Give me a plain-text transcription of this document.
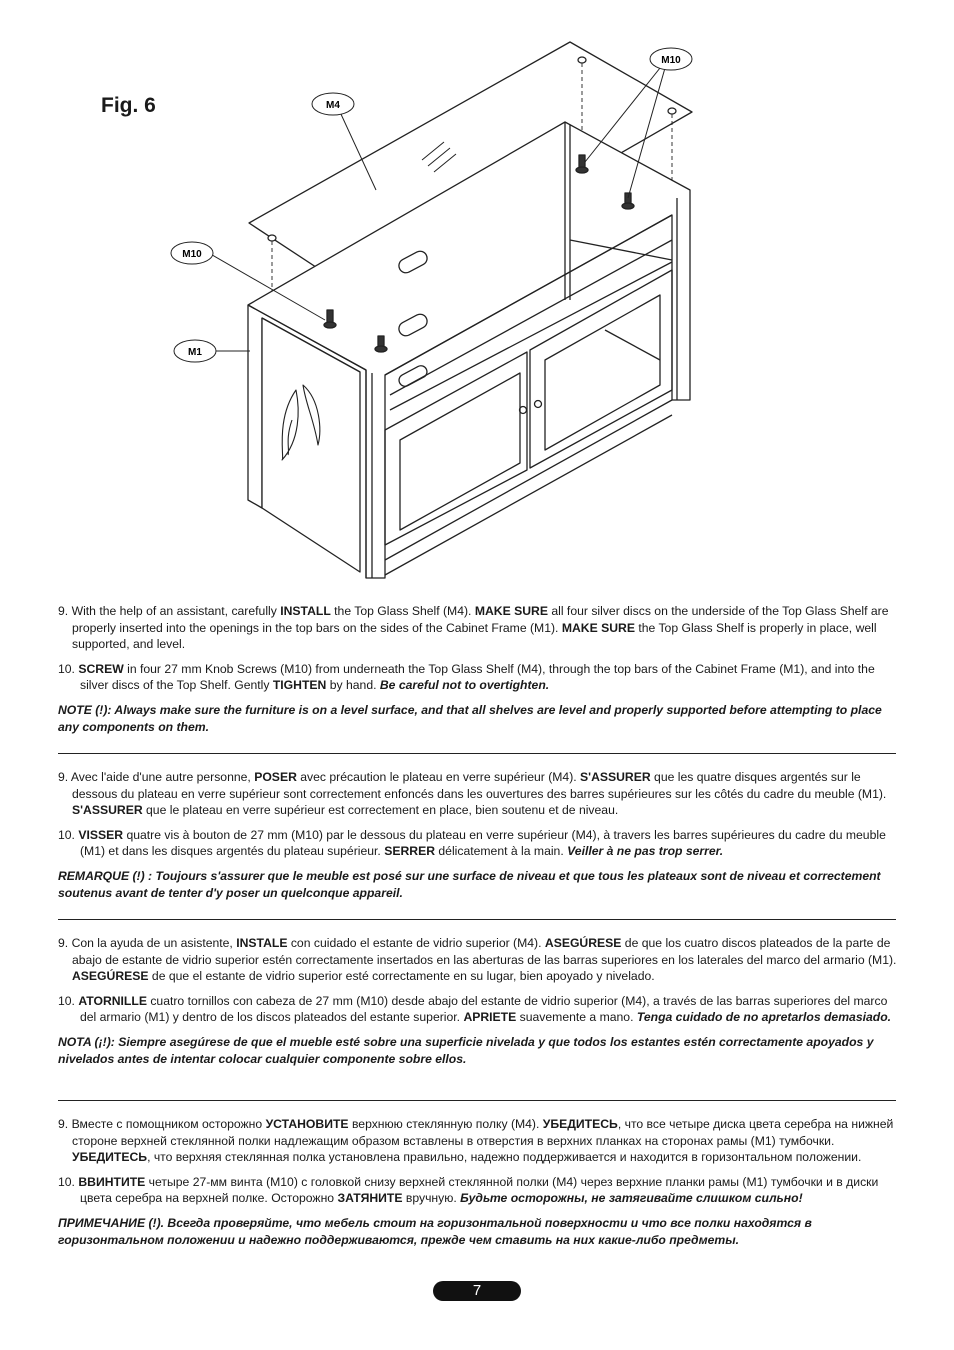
Fig. 6	M4
M10
M10
M1

9. With the help of an assistant, carefully INSTALL the Top Glass Shelf (M4). MAKE SURE all four silver discs on the underside of the Top Glass Shelf are properly inserted into the openings in the top bars on the sides of the Cabinet Frame (M1). MAKE SURE the Top Glass Shelf is properly in place, well supported, and level.

10. SCREW in four 27 mm Knob Screws (M10) from underneath the Top Glass Shelf (M4), through the top bars of the Cabinet Frame (M1), and into the silver discs of the Top Shelf. Gently TIGHTEN by hand. Be careful not to overtighten.

NOTE (!): Always make sure the furniture is on a level surface, and that all shelves are level and properly supported before attempting to place any components on them.

9. Avec l'aide d'une autre personne, POSER avec précaution le plateau en verre supérieur (M4). S'ASSURER que les quatre disques argentés sur le dessous du plateau en verre supérieur sont correctement enfoncés dans les ouvertures des barres supérieures sur les côtés du cadre du meuble (M1). S'ASSURER que le plateau en verre supérieur est correctement en place, bien soutenu et de niveau.

10. VISSER quatre vis à bouton de 27 mm (M10) par le dessous du plateau en verre supérieur (M4), à travers les barres supérieures du cadre du meuble (M1) et dans les disques argentés du plateau supérieur. SERRER délicatement à la main. Veiller à ne pas trop serrer.

REMARQUE (!) : Toujours s'assurer que le meuble est posé sur une surface de niveau et que tous les plateaux sont de niveau et correctement soutenus avant de tenter d'y poser un quelconque appareil.

9. Con la ayuda de un asistente, INSTALE con cuidado el estante de vidrio superior (M4). ASEGÚRESE de que los cuatro discos plateados de la parte de abajo de estante de vidrio superior estén correctamente insertados en las aberturas de las barras superiores en los laterales del marco del armario (M1). ASEGÚRESE de que el estante de vidrio superior esté correctamente en su lugar, bien apoyado y nivelado.

10. ATORNILLE cuatro tornillos con cabeza de 27 mm (M10) desde abajo del estante de vidrio superior (M4), a través de las barras superiores del marco del armario (M1) y dentro de los discos plateados del estante superior. APRIETE suavemente a mano. Tenga cuidado de no apretarlos demasiado.

NOTA (¡!): Siempre asegúrese de que el mueble esté sobre una superficie nivelada y que todos los estantes estén correctamente apoyados y nivelados antes de intentar colocar cualquier componente sobre ellos.

9. Вместе с помощником осторожно УСТАНОВИТЕ верхнюю стеклянную полку (M4). УБЕДИТЕСЬ, что все четыре диска цвета серебра на нижней стороне верхней стеклянной полки надлежащим образом вставлены в отверстия в верхних планках на сторонах рамы (M1) тумбочки. УБЕДИТЕСЬ, что верхняя стеклянная полка установлена правильно, надежно поддерживается и находится в горизонтальном положении.

10. ВВИНТИТЕ четыре 27-мм винта (M10) с головкой снизу верхней стеклянной полки (M4) через верхние планки рамы (M1) тумбочки и в диски цвета серебра на верхней полке. Осторожно ЗАТЯНИТЕ вручную. Будьте осторожны, не затягивайте слишком сильно!

ПРИМЕЧАНИЕ (!). Всегда проверяйте, что мебель стоит на горизонтальной поверхности и что все полки находятся в горизонтальном положении и надежно поддерживаются, прежде чем ставить на них какие-либо предметы.

7
